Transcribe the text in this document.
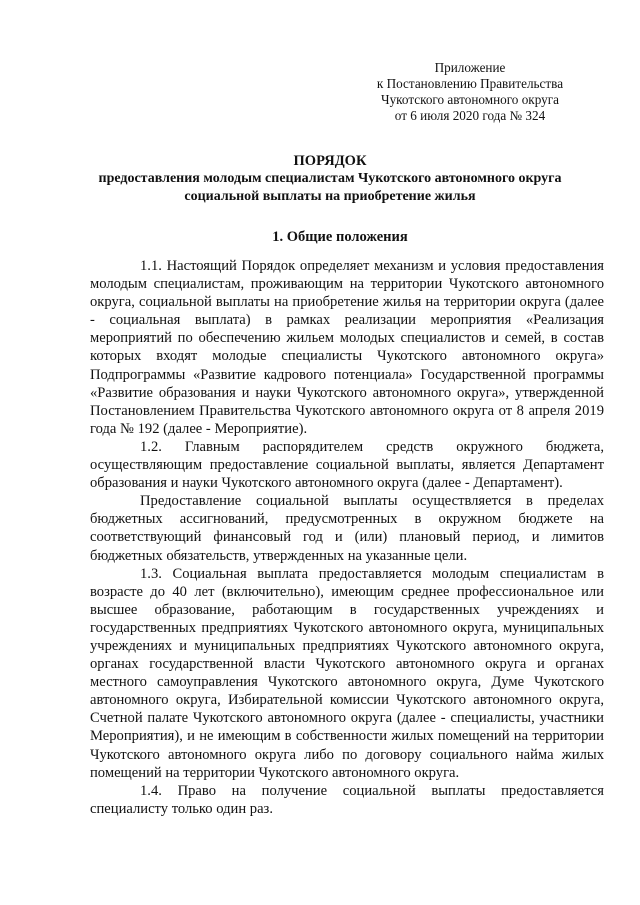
Приложение
к Постановлению Правительства
Чукотского автономного округа
от 6 июля 2020 года № 324
ПОРЯДОК
предоставления молодым специалистам Чукотского автономного округа социальной выплаты на приобретение жилья
1. Общие положения

1.1. Настоящий Порядок определяет механизм и условия предоставления молодым специалистам, проживающим на территории Чукотского автономного округа, социальной выплаты на приобретение жилья на территории округа (далее - социальная выплата) в рамках реализации мероприятия «Реализация мероприятий по обеспечению жильем молодых специалистов и семей, в состав которых входят молодые специалисты Чукотского автономного округа» Подпрограммы «Развитие кадрового потенциала» Государственной программы «Развитие образования и науки Чукотского автономного округа», утвержденной Постановлением Правительства Чукотского автономного округа от 8 апреля 2019 года № 192 (далее - Мероприятие).

1.2. Главным распорядителем средств окружного бюджета, осуществляющим предоставление социальной выплаты, является Департамент образования и науки Чукотского автономного округа (далее - Департамент).

Предоставление социальной выплаты осуществляется в пределах бюджетных ассигнований, предусмотренных в окружном бюджете на соответствующий финансовый год и (или) плановый период, и лимитов бюджетных обязательств, утвержденных на указанные цели.

1.3. Социальная выплата предоставляется молодым специалистам в возрасте до 40 лет (включительно), имеющим среднее профессиональное или высшее образование, работающим в государственных учреждениях и государственных предприятиях Чукотского автономного округа, муниципальных учреждениях и муниципальных предприятиях Чукотского автономного округа, органах государственной власти Чукотского автономного округа и органах местного самоуправления Чукотского автономного округа, Думе Чукотского автономного округа, Избирательной комиссии Чукотского автономного округа, Счетной палате Чукотского автономного округа (далее - специалисты, участники Мероприятия), и не имеющим в собственности жилых помещений на территории Чукотского автономного округа либо по договору социального найма жилых помещений на территории Чукотского автономного округа.

1.4. Право на получение социальной выплаты предоставляется специалисту только один раз.
